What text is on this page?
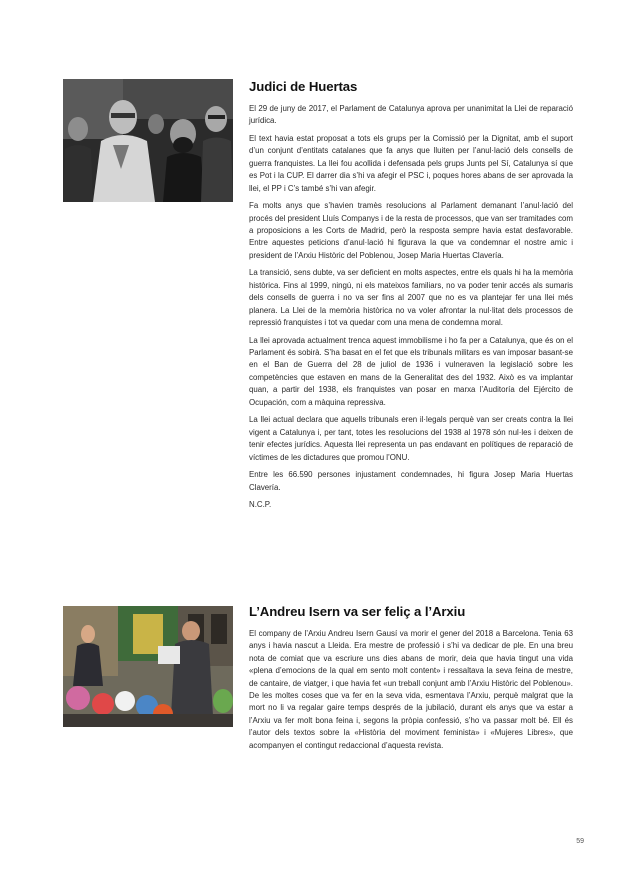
Judici de Huertas

El 29 de juny de 2017, el Parlament de Catalunya aprova per unanimitat la Llei de reparació jurídica.

El text havia estat proposat a tots els grups per la Comissió per la Dignitat, amb el suport d’un conjunt d’entitats catalanes que fa anys que lluiten per l’anul·lació dels consells de guerra franquistes. La llei fou acollida i defensada pels grups Junts pel Sí, Catalunya sí que es Pot i la CUP. El darrer dia s’hi va afegir el PSC i, poques hores abans de ser aprovada la llei, el PP i C’s també s’hi van afegir.

Fa molts anys que s’havien tramès resolucions al Parlament demanant l’anul·lació del procés del president Lluís Companys i de la resta de processos, que van ser tramitades com a proposicions a les Corts de Madrid, però la resposta sempre havia estat desfavorable. Entre aquestes peticions d’anul·lació hi figurava la que va condemnar el nostre amic i president de l’Arxiu Històric del Poblenou, Josep Maria Huertas Clavería.

La transició, sens dubte, va ser deficient en molts aspectes, entre els quals hi ha la memòria històrica. Fins al 1999, ningú, ni els mateixos familiars, no va poder tenir accés als sumaris dels consells de guerra i no va ser fins al 2007 que no es va plantejar fer una llei més planera. La Llei de la memòria històrica no va voler afrontar la nul·litat dels processos de repressió franquistes i tot va quedar com una mena de condemna moral.

La llei aprovada actualment trenca aquest immobilisme i ho fa per a Catalunya, que és on el Parlament és sobirà. S’ha basat en el fet que els tribunals militars es van imposar basant-se en el Ban de Guerra del 28 de juliol de 1936 i vulneraven la legislació sobre les competències que estaven en mans de la Generalitat des del 1932. Això es va implantar quan, a partir del 1938, els franquistes van posar en marxa l’Auditoría del Ejército de Ocupación, com a màquina repressiva.

La llei actual declara que aquells tribunals eren il·legals perquè van ser creats contra la llei vigent a Catalunya i, per tant, totes les resolucions del 1938 al 1978 són nul·les i deixen de tenir efectes jurídics. Aquesta llei representa un pas endavant en polítiques de reparació de víctimes de les dictadures que promou l’ONU.

Entre les 66.590 persones injustament condemnades, hi figura Josep Maria Huertas Clavería.

N.C.P.

L’Andreu Isern va ser feliç a l’Arxiu

El company de l’Arxiu Andreu Isern Gausí va morir el gener del 2018 a Barcelona. Tenia 63 anys i havia nascut a Lleida. Era mestre de professió i s’hi va dedicar de ple. En una breu nota de comiat que va escriure uns dies abans de morir, deia que havia tingut una vida «plena d’emocions de la qual em sento molt content» i ressaltava la seva feina de mestre, de cantaire, de viatger, i que havia fet «un treball conjunt amb l’Arxiu Històric del Poblenou». De les moltes coses que va fer en la seva vida, esmentava l’Arxiu, perquè malgrat que la mort no li va regalar gaire temps després de la jubilació, durant els anys que va estar a l’Arxiu va fer molt bona feina i, segons la pròpia confessió, s’ho va passar molt bé. Ell és l’autor dels textos sobre la «Història del moviment feminista» i «Mujeres Libres», que acompanyen el contingut redaccional d’aquesta revista.

59
